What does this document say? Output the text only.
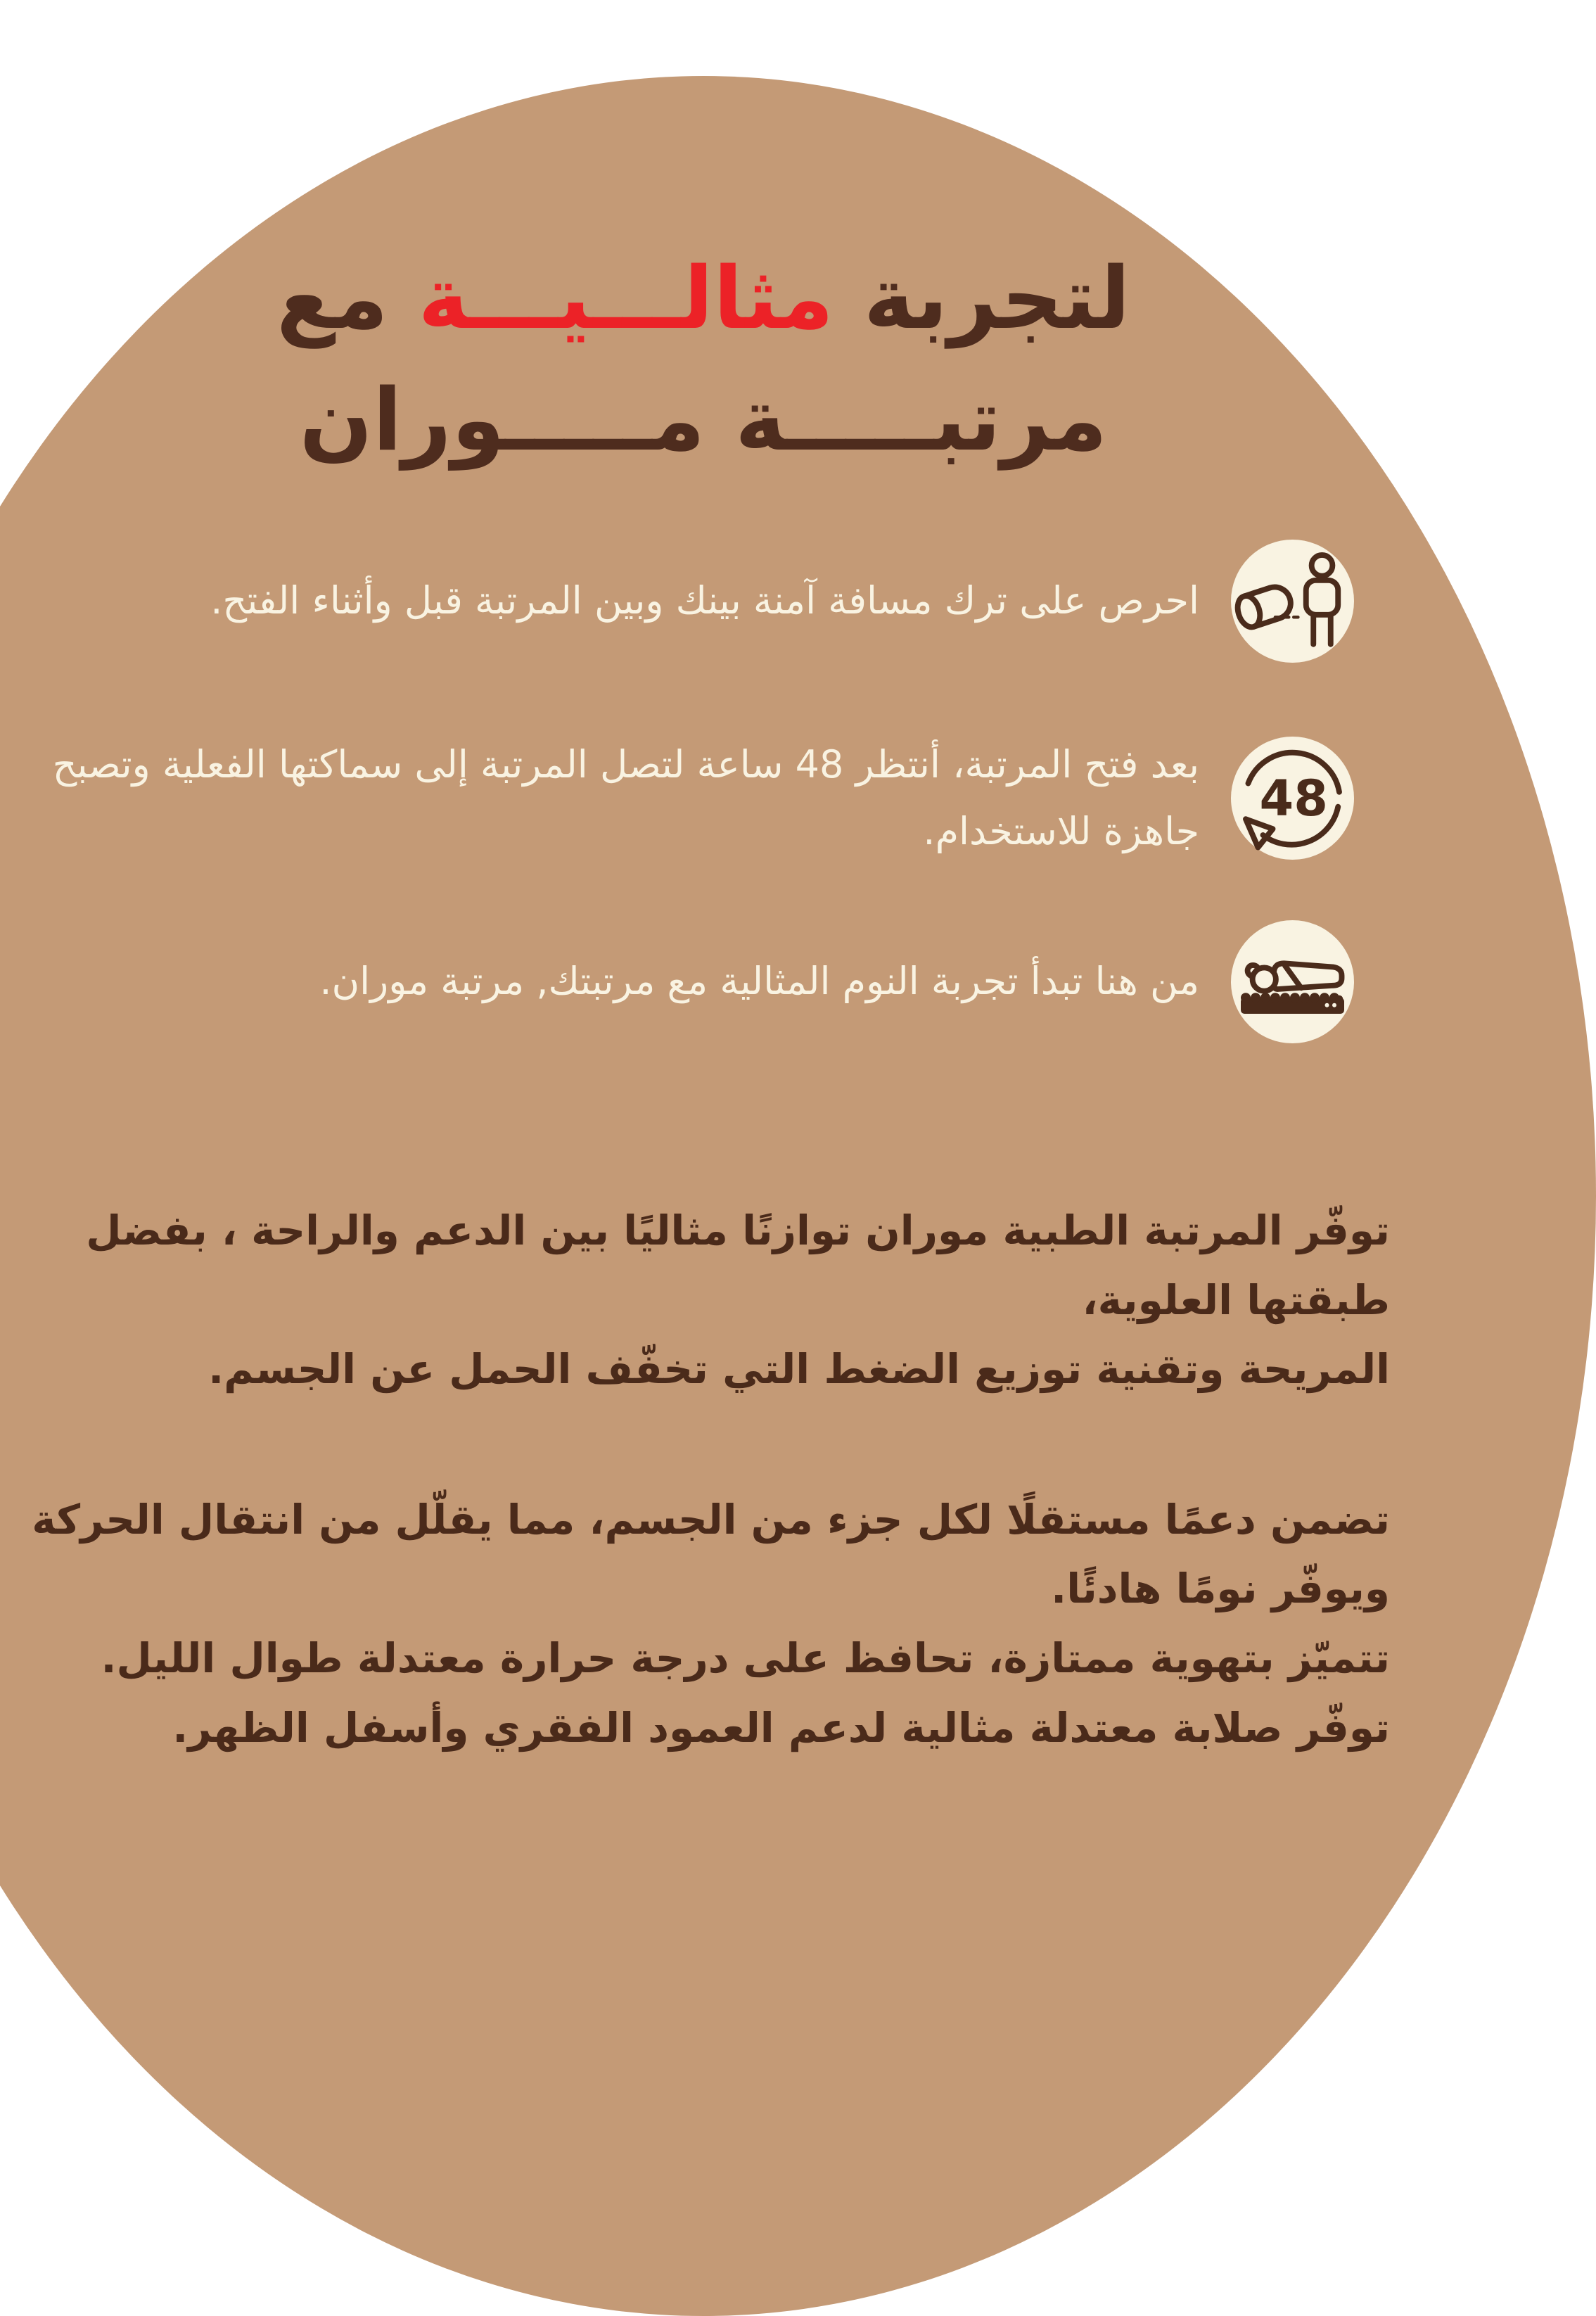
لتجربة مثالـــيـــة مع
مرتبـــــة مـــــوران

احرص على ترك مسافة آمنة بينك وبين المرتبة قبل وأثناء الفتح.

48

بعد فتح المرتبة، أنتظر 48 ساعة لتصل المرتبة إلى سماكتها الفعلية وتصبح جاهزة للاستخدام.

من هنا تبدأ تجربة النوم المثالية مع مرتبتك, مرتبة موران.

توفّر المرتبة الطبية موران توازنًا مثاليًا بين الدعم والراحة ، بفضل طبقتها العلوية،
المريحة وتقنية توزيع الضغط التي تخفّف الحمل عن الجسم.

تضمن دعمًا مستقلًا لكل جزء من الجسم، مما يقلّل من انتقال الحركة ويوفّر نومًا هادئًا.
تتميّز بتهوية ممتازة، تحافظ على درجة حرارة معتدلة طوال الليل.
توفّر صلابة معتدلة مثالية لدعم العمود الفقري وأسفل الظهر.
